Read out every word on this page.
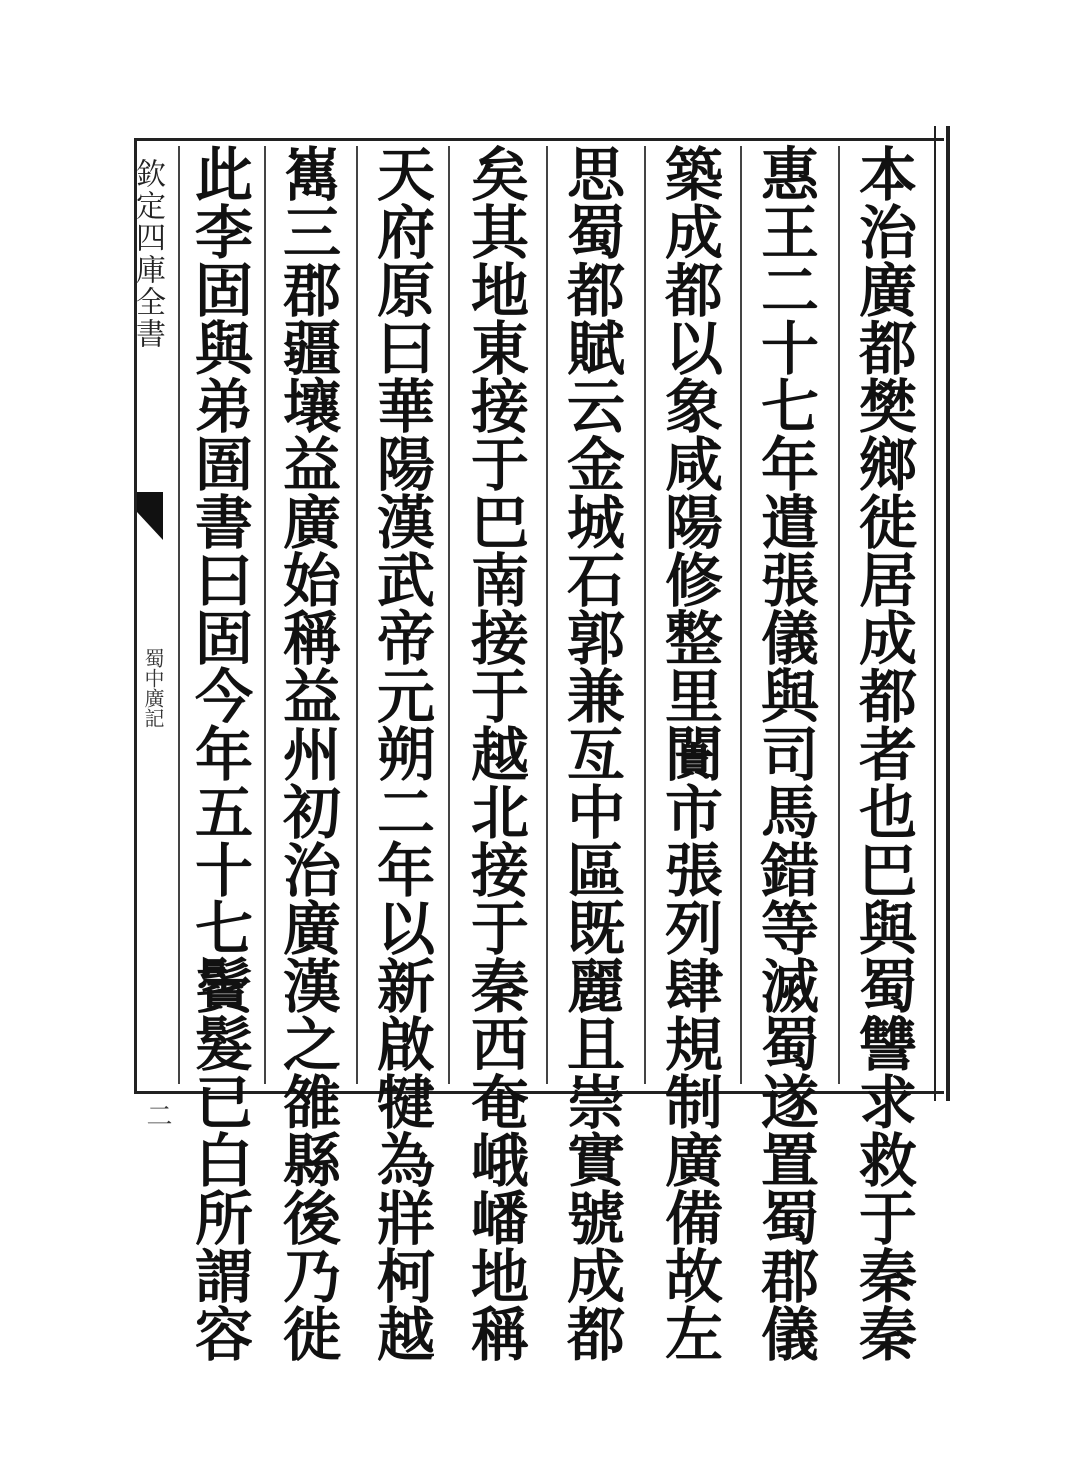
欽定四庫全書
蜀中廣記
二
本
治
廣
都
樊
鄉
徙
居
成
都
者
也
巴
與
蜀
讐
求
救
于
秦
秦
惠
王
二
十
七
年
遣
張
儀
與
司
馬
錯
等
滅
蜀
遂
置
蜀
郡
儀
築
成
都
以
象
咸
陽
修
整
里
闠
市
張
列
肆
規
制
廣
備
故
左
思
蜀
都
賦
云
金
城
石
郭
兼
亙
中
區
既
麗
且
崇
實
號
成
都
矣
其
地
東
接
于
巴
南
接
于
越
北
接
于
秦
西
奄
峨
嶓
地
稱
天
府
原
曰
華
陽
漢
武
帝
元
朔
二
年
以
新
啟
犍
為
牂
柯
越
嶲
三
郡
疆
壤
益
廣
始
稱
益
州
初
治
廣
漢
之
雒
縣
後
乃
徙
此
李
固
與
弟
圄
書
曰
固
今
年
五
十
七
鬢
髮
已
白
所
謂
容
